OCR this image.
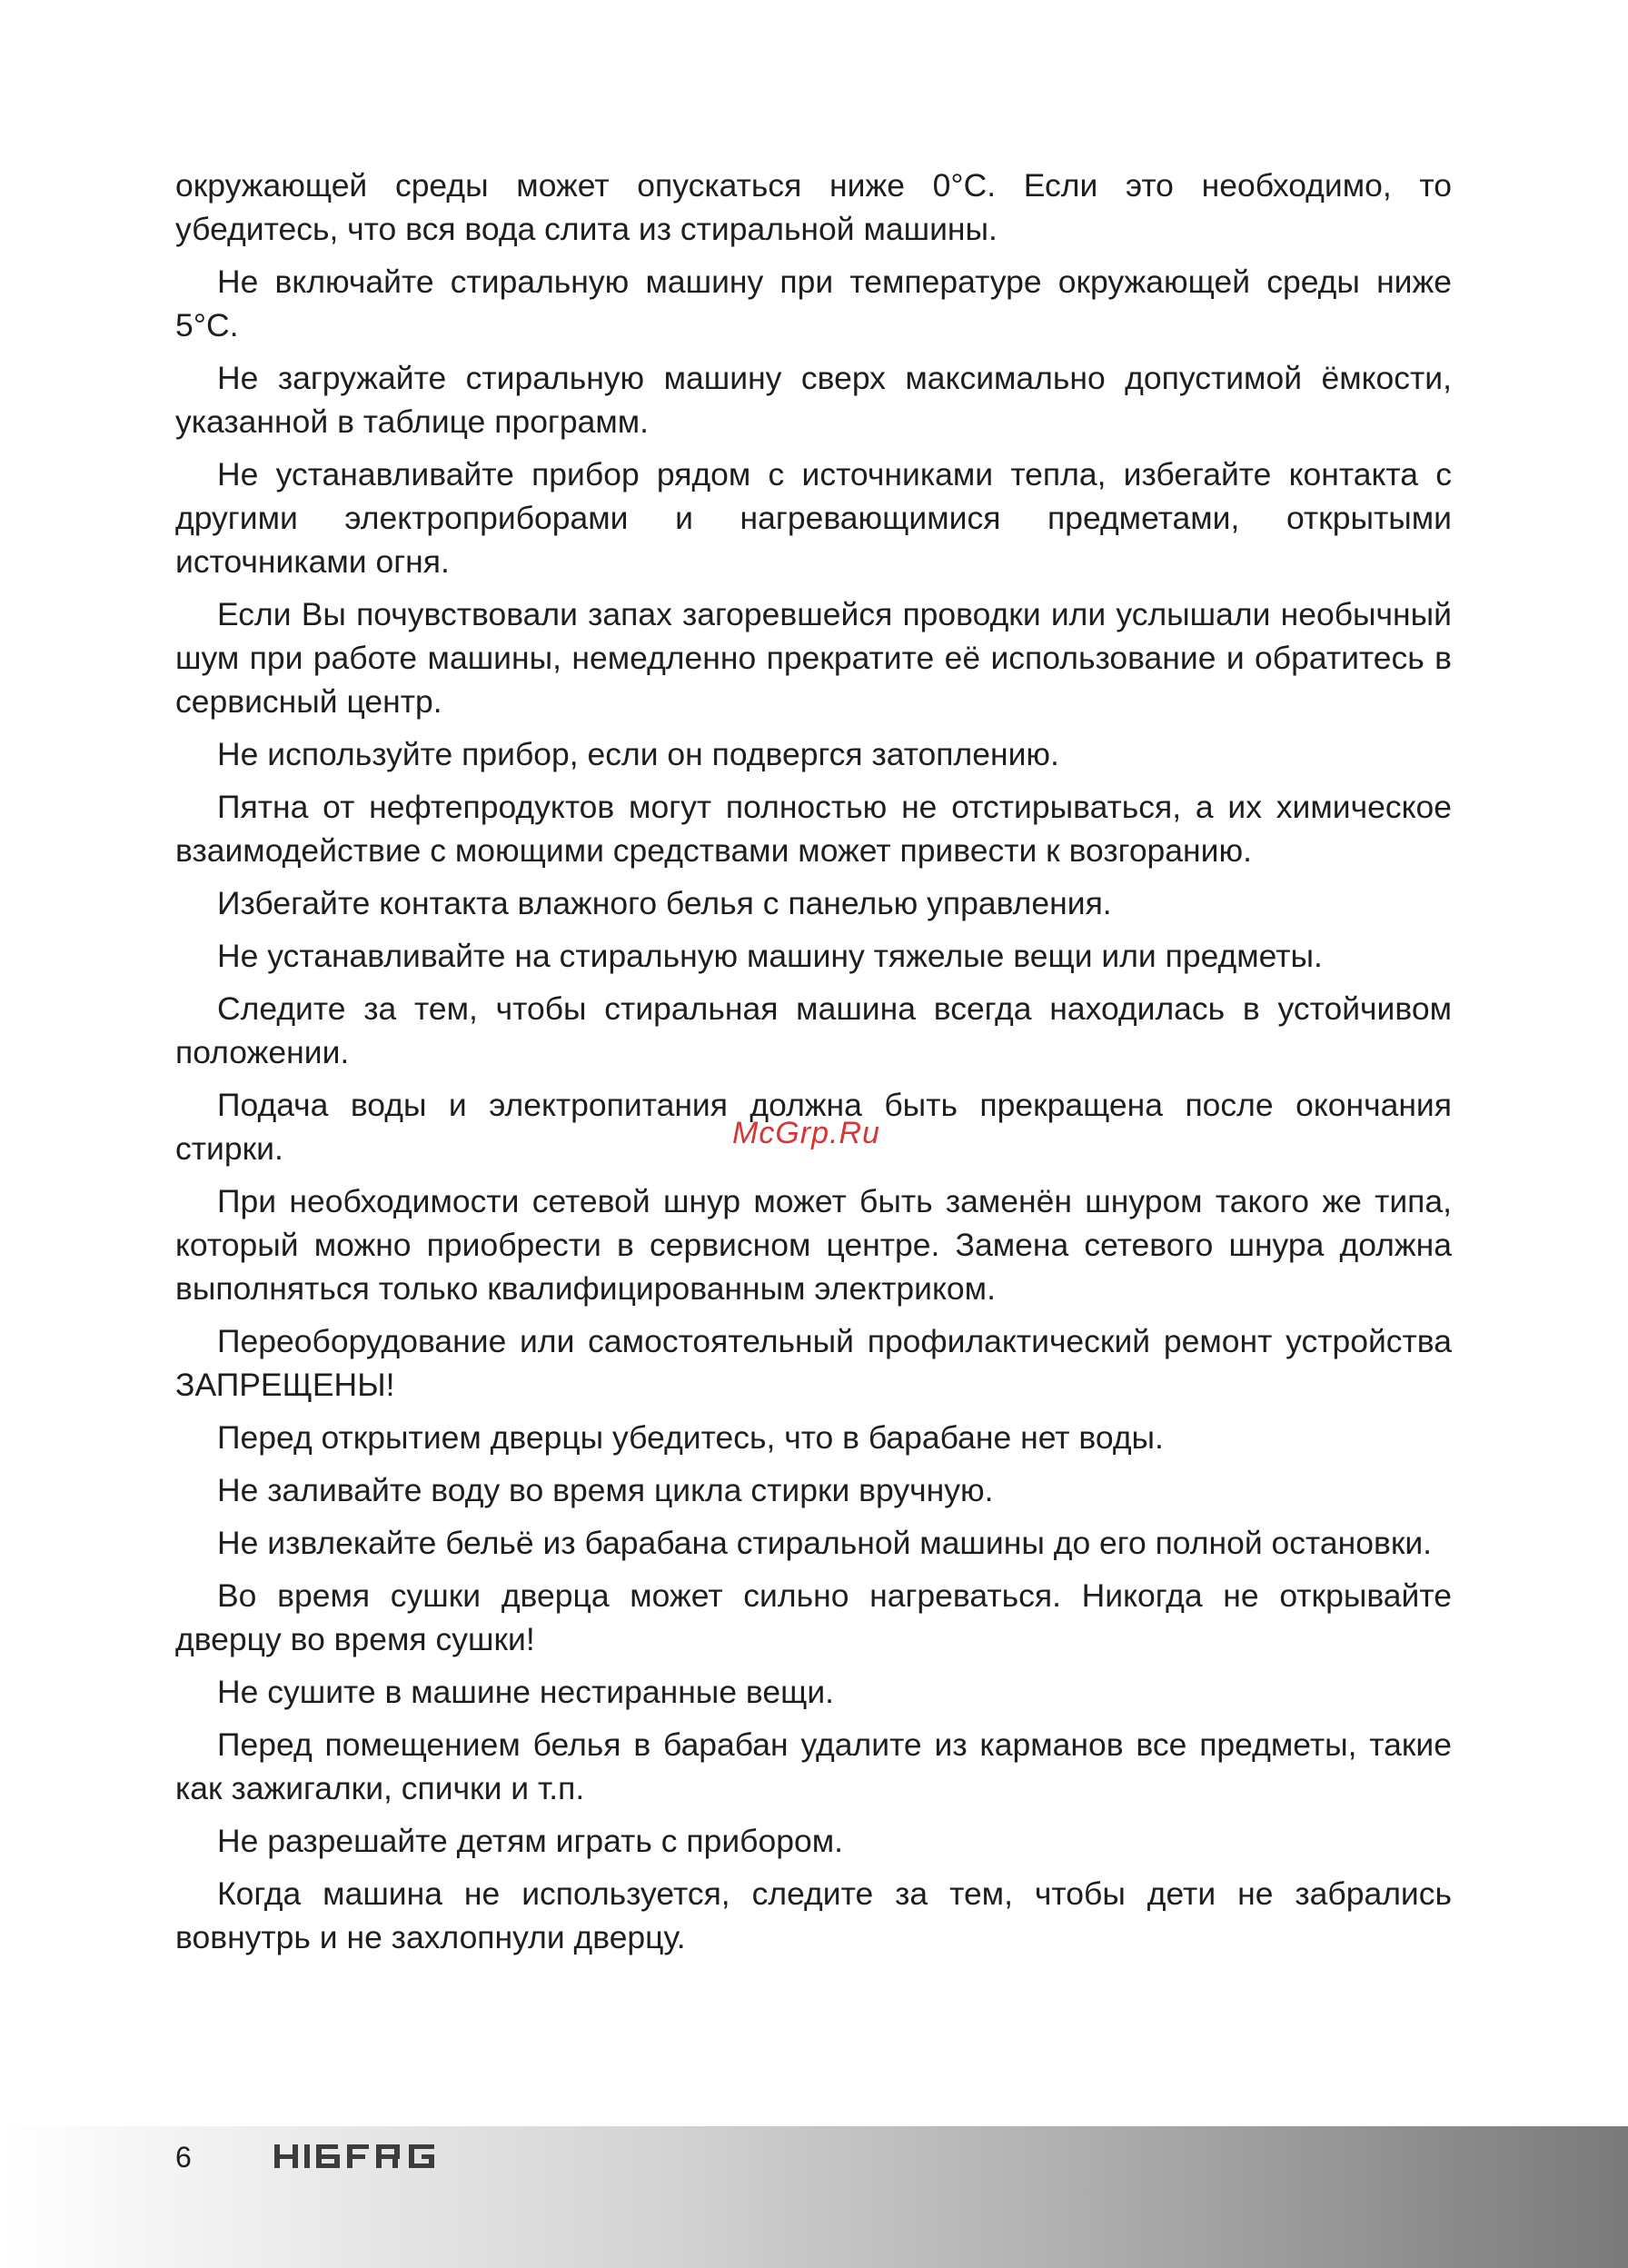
окружающей среды может опускаться ниже 0°С. Если это необходимо, то убедитесь, что вся вода слита из стиральной машины.

Не включайте стиральную машину при температуре окружающей среды ниже 5°С.

Не загружайте стиральную машину сверх максимально допустимой ёмкости, указанной в таблице программ.

Не устанавливайте прибор рядом с источниками тепла, избегайте контакта с другими электроприборами и нагревающимися предметами, открытыми источниками огня.

Если Вы почувствовали запах загоревшейся проводки или услышали необычный шум при работе машины, немедленно прекратите её использование и обратитесь в сервисный центр.

Не используйте прибор, если он подвергся затоплению.

Пятна от нефтепродуктов могут полностью не отстирываться, а их химическое взаимодействие с моющими средствами может привести к возгоранию.

Избегайте контакта влажного белья с панелью управления.

Не устанавливайте на стиральную машину тяжелые вещи или предметы.

Следите за тем, чтобы стиральная машина всегда находилась в устойчивом положении.

Подача воды и электропитания должна быть прекращена после окончания стирки.

При необходимости сетевой шнур может быть заменён шнуром такого же типа, который можно приобрести в сервисном центре. Замена сетевого шнура должна выполняться только квалифицированным электриком.

Переоборудование или самостоятельный профилактический ремонт устройства ЗАПРЕЩЕНЫ!

Перед открытием дверцы убедитесь, что в барабане нет воды.

Не заливайте воду во время цикла стирки вручную.

Не извлекайте бельё из барабана стиральной машины до его полной остановки.

Во время сушки дверца может сильно нагреваться. Никогда не открывайте дверцу во время сушки!

Не сушите в машине нестиранные вещи.

Перед помещением белья в барабан удалите из карманов все предметы, такие как зажигалки, спички и т.п.

Не разрешайте детям играть с прибором.

Когда машина не используется, следите за тем, чтобы дети не забрались вовнутрь и не захлопнули дверцу.

McGrp.Ru
6
